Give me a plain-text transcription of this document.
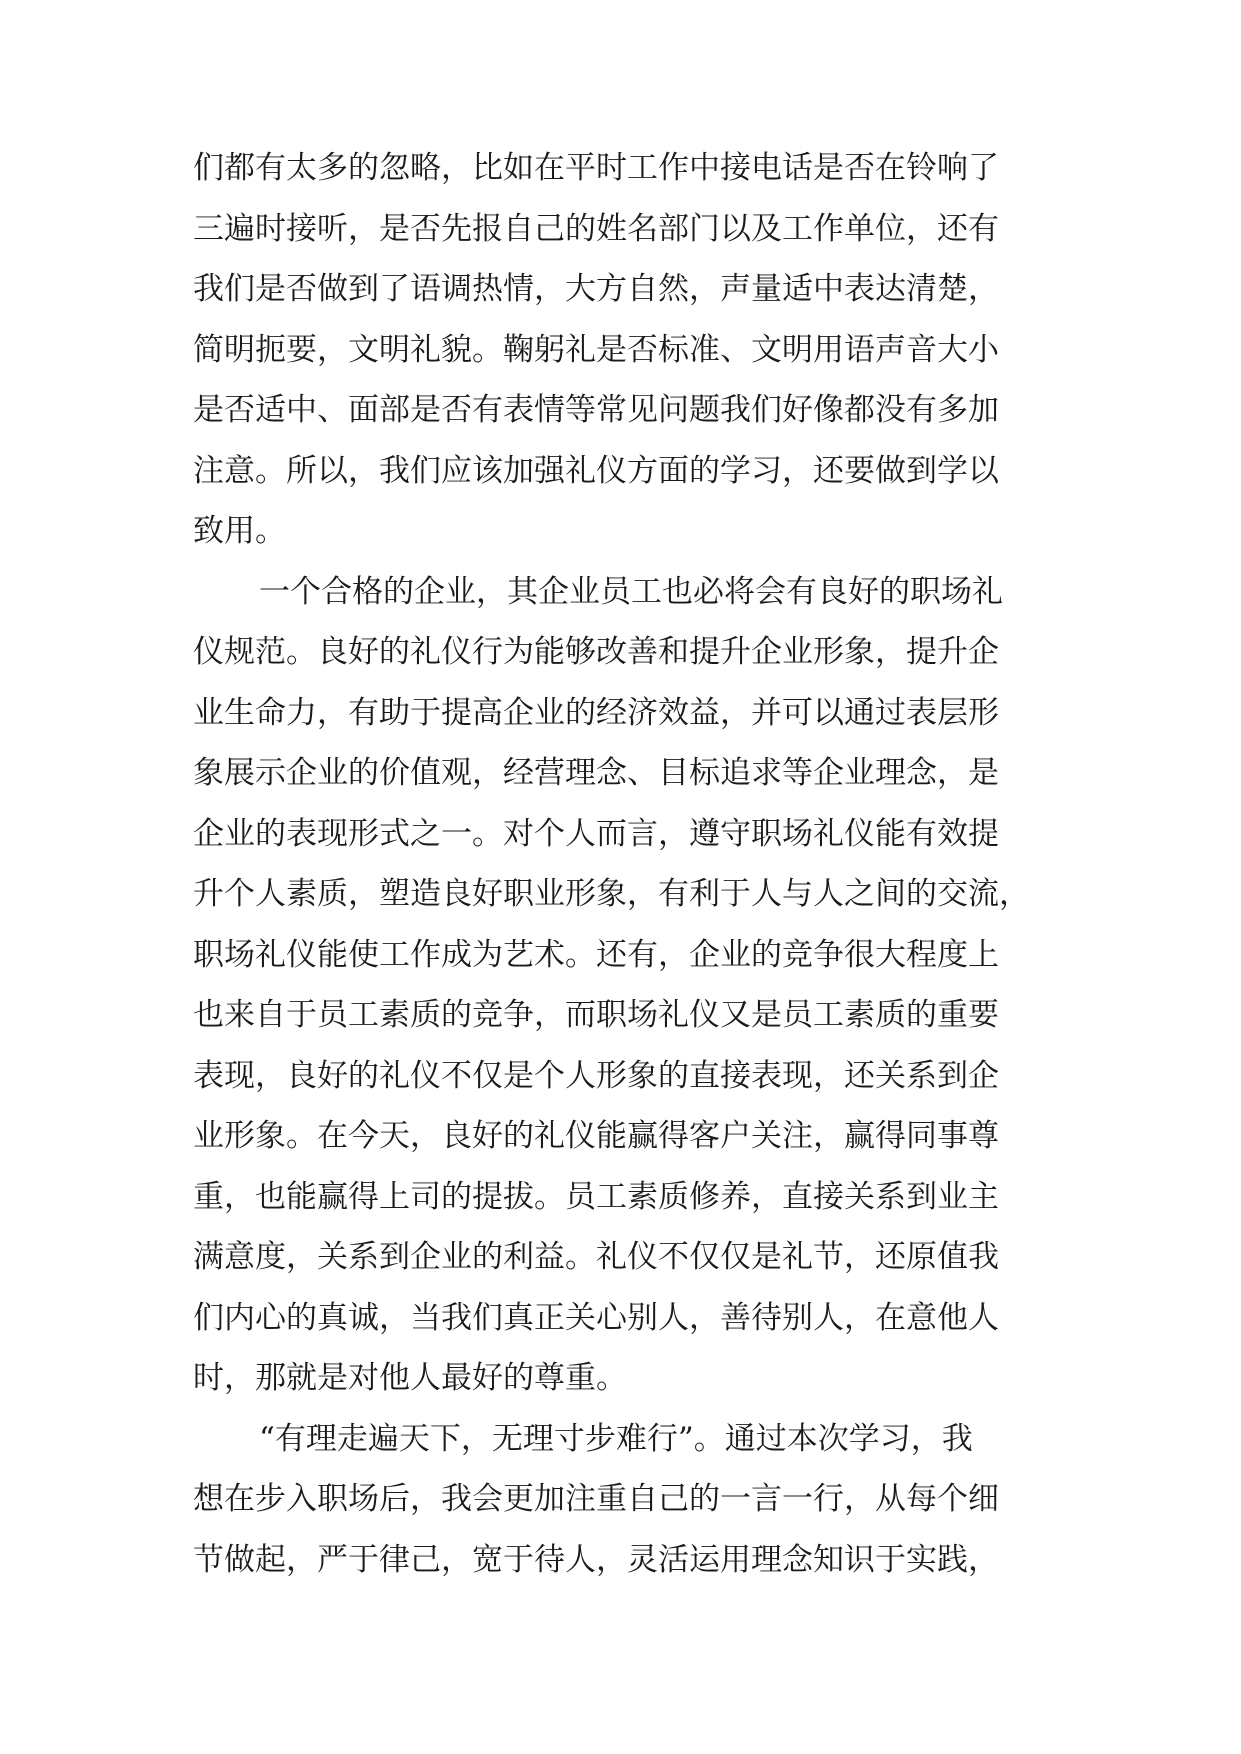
们都有太多的忽略，比如在平时工作中接电话是否在铃响了
三遍时接听，是否先报自己的姓名部门以及工作单位，还有
我们是否做到了语调热情，大方自然，声量适中表达清楚，
简明扼要，文明礼貌。鞠躬礼是否标准、文明用语声音大小
是否适中、面部是否有表情等常见问题我们好像都没有多加
注意。所以，我们应该加强礼仪方面的学习，还要做到学以
致用。
一个合格的企业，其企业员工也必将会有良好的职场礼
仪规范。良好的礼仪行为能够改善和提升企业形象，提升企
业生命力，有助于提高企业的经济效益，并可以通过表层形
象展示企业的价值观，经营理念、目标追求等企业理念，是
企业的表现形式之一。对个人而言，遵守职场礼仪能有效提
升个人素质，塑造良好职业形象，有利于人与人之间的交流，
职场礼仪能使工作成为艺术。还有，企业的竞争很大程度上
也来自于员工素质的竞争，而职场礼仪又是员工素质的重要
表现，良好的礼仪不仅是个人形象的直接表现，还关系到企
业形象。在今天，良好的礼仪能赢得客户关注，赢得同事尊
重，也能赢得上司的提拔。员工素质修养，直接关系到业主
满意度，关系到企业的利益。礼仪不仅仅是礼节，还原值我
们内心的真诚，当我们真正关心别人，善待别人，在意他人
时，那就是对他人最好的尊重。
“有理走遍天下，无理寸步难行”。通过本次学习，我
想在步入职场后，我会更加注重自己的一言一行，从每个细
节做起，严于律己，宽于待人，灵活运用理念知识于实践，
